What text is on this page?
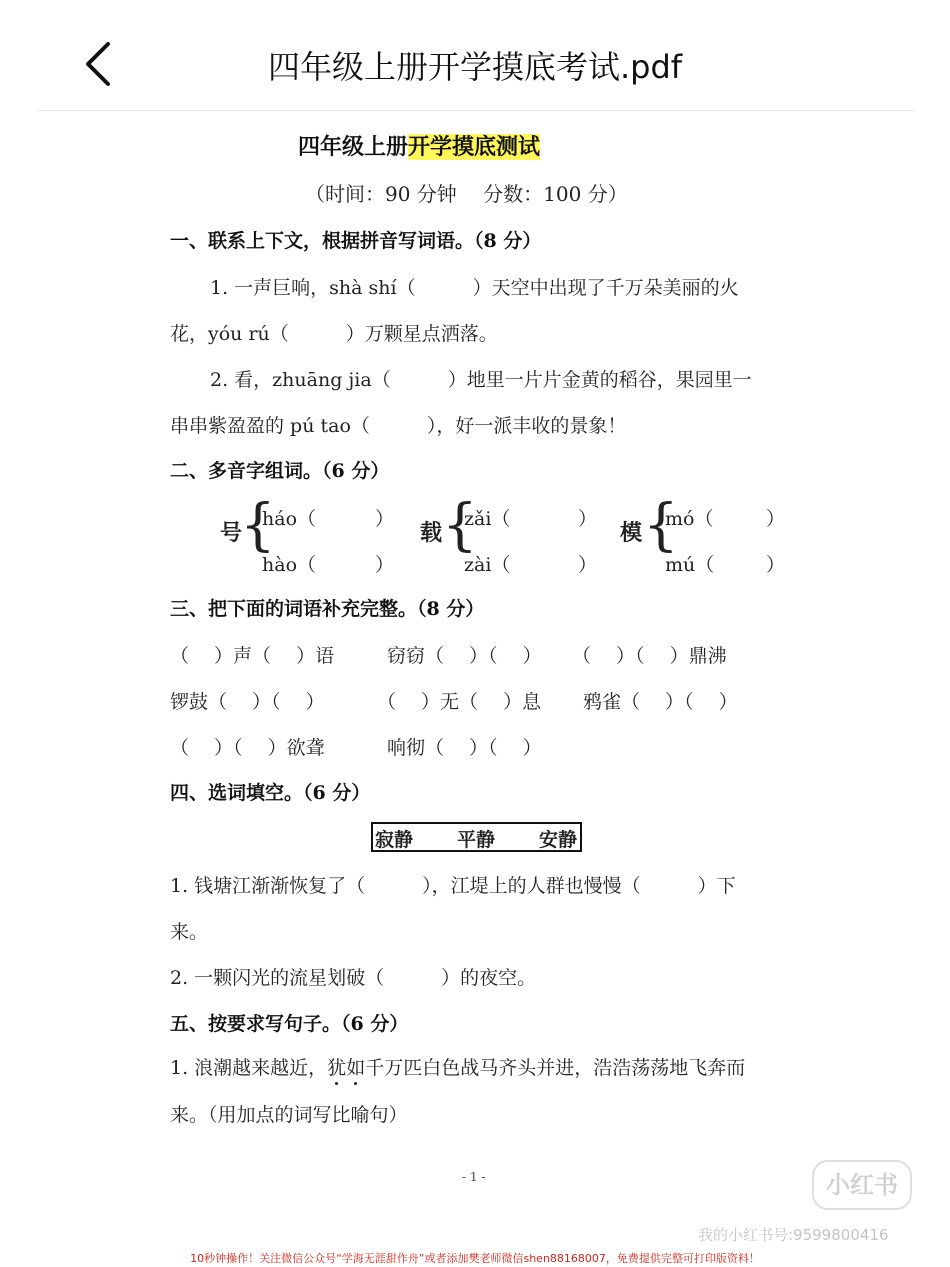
四年级上册开学摸底考试.pdf
四年级上册开学摸底测试
（时间：90 分钟　 分数：100 分）
一、联系上下文，根据拼音写词语。（8 分）
1. 一声巨响，shà shí（　　　）天空中出现了千万朵美丽的火
花，yóu rú（　　　）万颗星点洒落。
2. 看，zhuāng jia（　　　）地里一片片金黄的稻谷，果园里一
串串紫盈盈的 pú tao（　　　），好一派丰收的景象！
二、多音字组词。（6 分）
号
{
háo（	）
hào（	）
载 {
zǎi（	）
zài（	）
模 {
mó（	）
mú（	）
三、把下面的词语补充完整。（8 分）
（　 ）声（　 ）语	窃窃（　 ）（　 ） （　 ）（　 ）鼎沸
锣鼓（　 ）（　 ）	（　 ）无（　 ）息 鸦雀（　 ）（　 ）
（　 ）（　 ）欲聋	响彻（　 ）（　 ）
四、选词填空。（6 分）
寂静 平静 安静
1. 钱塘江渐渐恢复了（　　　），江堤上的人群也慢慢（　　　）下
来。
2. 一颗闪光的流星划破（　　　）的夜空。
五、按要求写句子。（6 分）
1. 浪潮越来越近，犹如千万匹白色战马齐头并进，浩浩荡荡地飞奔而
来。（用加点的词写比喻句）
- 1 -	小红书
我的小红书号:9599800416
10秒钟操作！关注微信公众号“学海无涯甜作舟”或者添加樊老师微信shen88168007，免费提供完整可打印版资料！
